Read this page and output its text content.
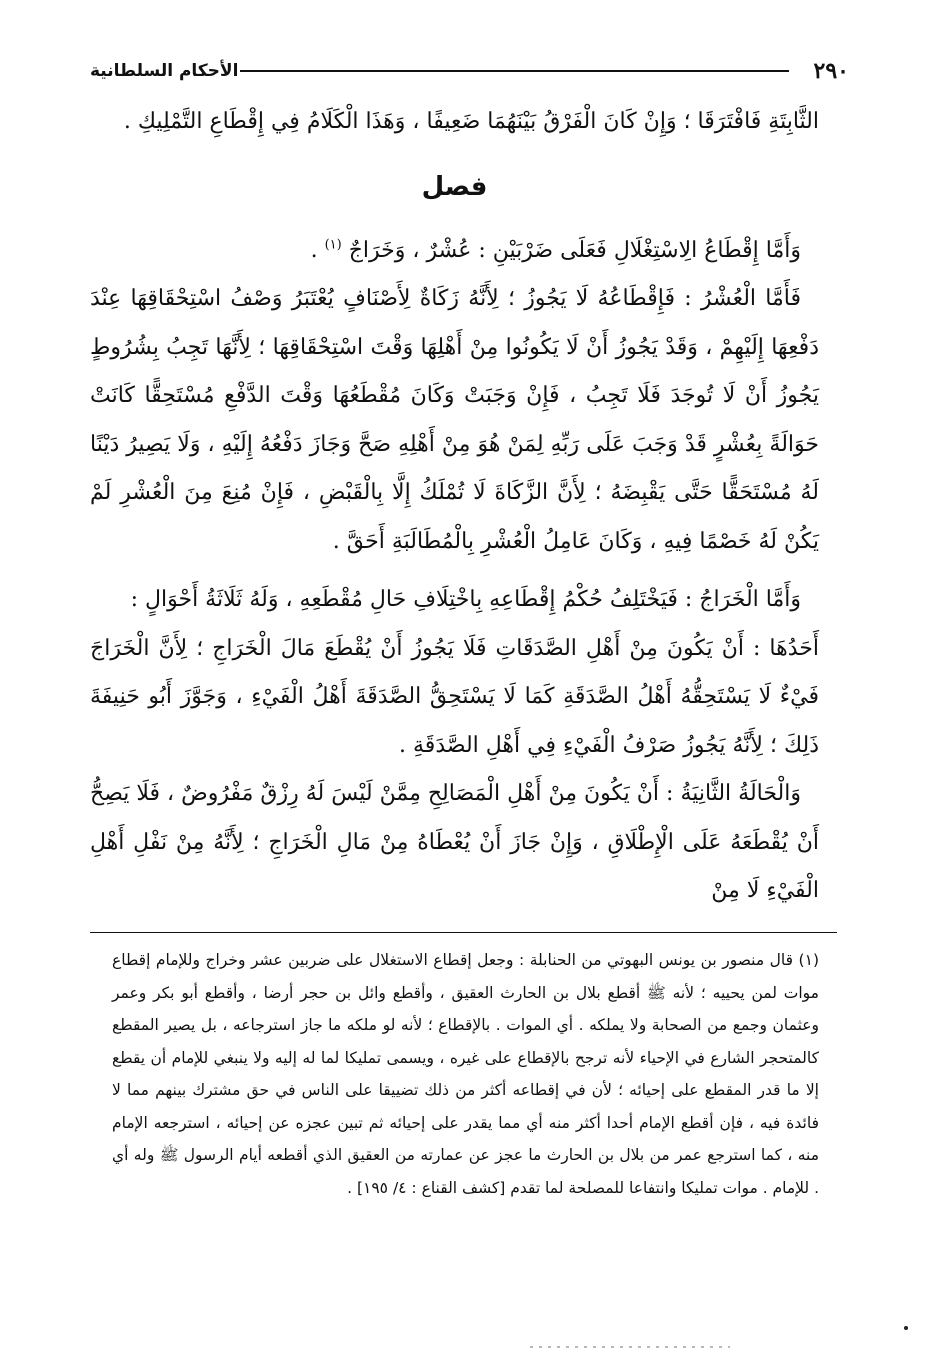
٢٩٠
الأحكام السلطانية

الثَّابِتَةِ فَافْتَرَقَا ؛ وَإِنْ كَانَ الْفَرْقُ بَيْنَهُمَا ضَعِيفًا ، وَهَذَا الْكَلَامُ فِي إِقْطَاعِ التَّمْلِيكِ .

فصل

وَأَمَّا إِقْطَاعُ الِاسْتِغْلَالِ فَعَلَى ضَرْبَيْنِ : عُشْرٌ ، وَخَرَاجٌ $^{(١)}$ .

فَأَمَّا الْعُشْرُ : فَإِقْطَاعُهُ لَا يَجُوزُ ؛ لِأَنَّهُ زَكَاةٌ لِأَصْنَافٍ يُعْتَبَرُ وَصْفُ اسْتِحْقَاقِهَا عِنْدَ دَفْعِهَا إِلَيْهِمْ ، وَقَدْ يَجُوزُ أَنْ لَا يَكُونُوا مِنْ أَهْلِهَا وَقْتَ اسْتِحْقَاقِهَا ؛ لِأَنَّهَا تَجِبُ بِشُرُوطٍ يَجُوزُ أَنْ لَا تُوجَدَ فَلَا تَجِبُ ، فَإِنْ وَجَبَتْ وَكَانَ مُقْطَعُهَا وَقْتَ الدَّفْعِ مُسْتَحِقًّا كَانَتْ حَوَالَةً بِعُشْرٍ قَدْ وَجَبَ عَلَى رَبِّهِ لِمَنْ هُوَ مِنْ أَهْلِهِ صَحَّ وَجَازَ دَفْعُهُ إِلَيْهِ ، وَلَا يَصِيرُ دَيْنًا لَهُ مُسْتَحَقًّا حَتَّى يَقْبِضَهُ ؛ لِأَنَّ الزَّكَاةَ لَا تُمْلَكُ إِلَّا بِالْقَبْضِ ، فَإِنْ مُنِعَ مِنَ الْعُشْرِ لَمْ يَكُنْ لَهُ خَصْمًا فِيهِ ، وَكَانَ عَامِلُ الْعُشْرِ بِالْمُطَالَبَةِ أَحَقَّ .

وَأَمَّا الْخَرَاجُ : فَيَخْتَلِفُ حُكْمُ إِقْطَاعِهِ بِاخْتِلَافِ حَالِ مُقْطَعِهِ ، وَلَهُ ثَلَاثَةُ أَحْوَالٍ :

أَحَدُهَا : أَنْ يَكُونَ مِنْ أَهْلِ الصَّدَقَاتِ فَلَا يَجُوزُ أَنْ يُقْطَعَ مَالَ الْخَرَاجِ ؛ لِأَنَّ الْخَرَاجَ فَيْءٌ لَا يَسْتَحِقُّهُ أَهْلُ الصَّدَقَةِ كَمَا لَا يَسْتَحِقُّ الصَّدَقَةَ أَهْلُ الْفَيْءِ ، وَجَوَّزَ أَبُو حَنِيفَةَ ذَلِكَ ؛ لِأَنَّهُ يَجُوزُ صَرْفُ الْفَيْءِ فِي أَهْلِ الصَّدَقَةِ .

وَالْحَالَةُ الثَّانِيَةُ : أَنْ يَكُونَ مِنْ أَهْلِ الْمَصَالِحِ مِمَّنْ لَيْسَ لَهُ رِزْقٌ مَفْرُوضٌ ، فَلَا يَصِحُّ أَنْ يُقْطَعَهُ عَلَى الْإِطْلَاقِ ، وَإِنْ جَازَ أَنْ يُعْطَاهُ مِنْ مَالِ الْخَرَاجِ ؛ لِأَنَّهُ مِنْ نَفْلِ أَهْلِ الْفَيْءِ لَا مِنْ

(١) قال منصور بن يونس البهوتي من الحنابلة : وجعل إقطاع الاستغلال على ضربين عشر وخراج وللإمام إقطاع موات لمن يحييه ؛ لأنه ﷺ أقطع بلال بن الحارث العقيق ، وأقطع وائل بن حجر أرضا ، وأقطع أبو بكر وعمر وعثمان وجمع من الصحابة ولا يملكه . أي الموات . بالإقطاع ؛ لأنه لو ملكه ما جاز استرجاعه ، بل يصير المقطع كالمتحجر الشارع في الإحياء لأنه ترجح بالإقطاع على غيره ، ويسمى تمليكا لما له إليه ولا ينبغي للإمام أن يقطع إلا ما قدر المقطع على إحيائه ؛ لأن في إقطاعه أكثر من ذلك تضييقا على الناس في حق مشترك بينهم مما لا فائدة فيه ، فإن أقطع الإمام أحدا أكثر منه أي مما يقدر على إحيائه ثم تبين عجزه عن إحيائه ، استرجعه الإمام منه ، كما استرجع عمر من بلال بن الحارث ما عجز عن عمارته من العقيق الذي أقطعه أيام الرسول ﷺ وله أي . للإمام . موات تمليكا وانتفاعا للمصلحة لما تقدم [كشف القناع : ٤/ ١٩٥] .
